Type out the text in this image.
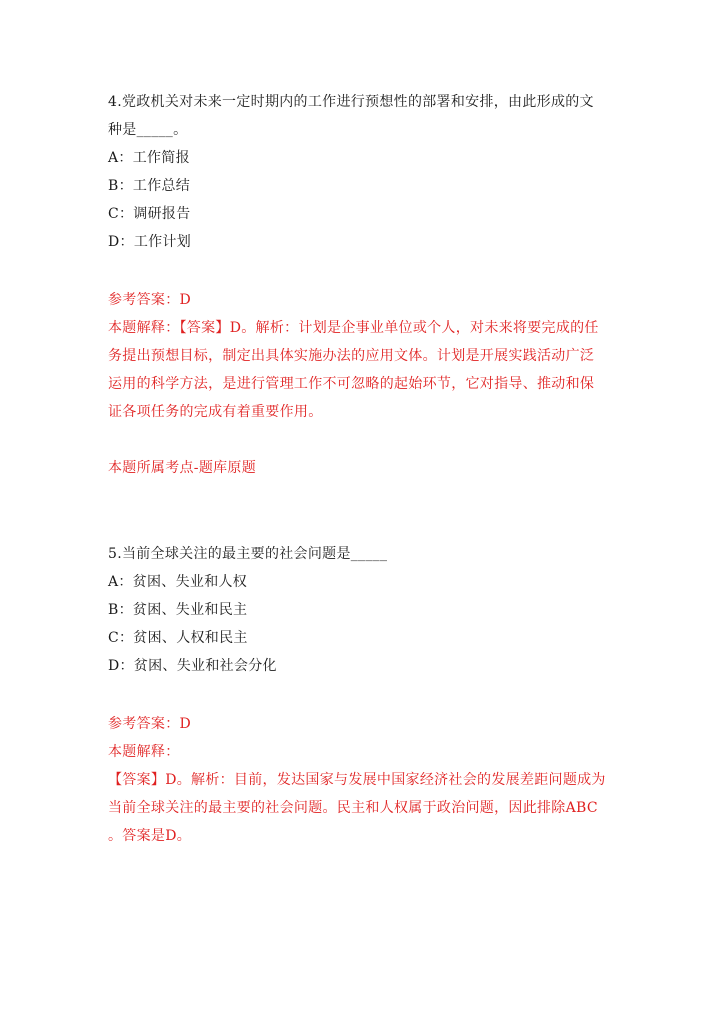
4.党政机关对未来一定时期内的工作进行预想性的部署和安排，由此形成的文
种是_____。
A：工作简报
B：工作总结
C：调研报告
D：工作计划
参考答案：D
本题解释：【答案】D。解析：计划是企事业单位或个人，对未来将要完成的任
务提出预想目标，制定出具体实施办法的应用文体。计划是开展实践活动广泛
运用的科学方法，是进行管理工作不可忽略的起始环节，它对指导、推动和保
证各项任务的完成有着重要作用。
本题所属考点-题库原题
5.当前全球关注的最主要的社会问题是_____
A：贫困、失业和人权
B：贫困、失业和民主
C：贫困、人权和民主
D：贫困、失业和社会分化
参考答案：D
本题解释：
【答案】D。解析：目前，发达国家与发展中国家经济社会的发展差距问题成为
当前全球关注的最主要的社会问题。民主和人权属于政治问题，因此排除ABC
。答案是D。
